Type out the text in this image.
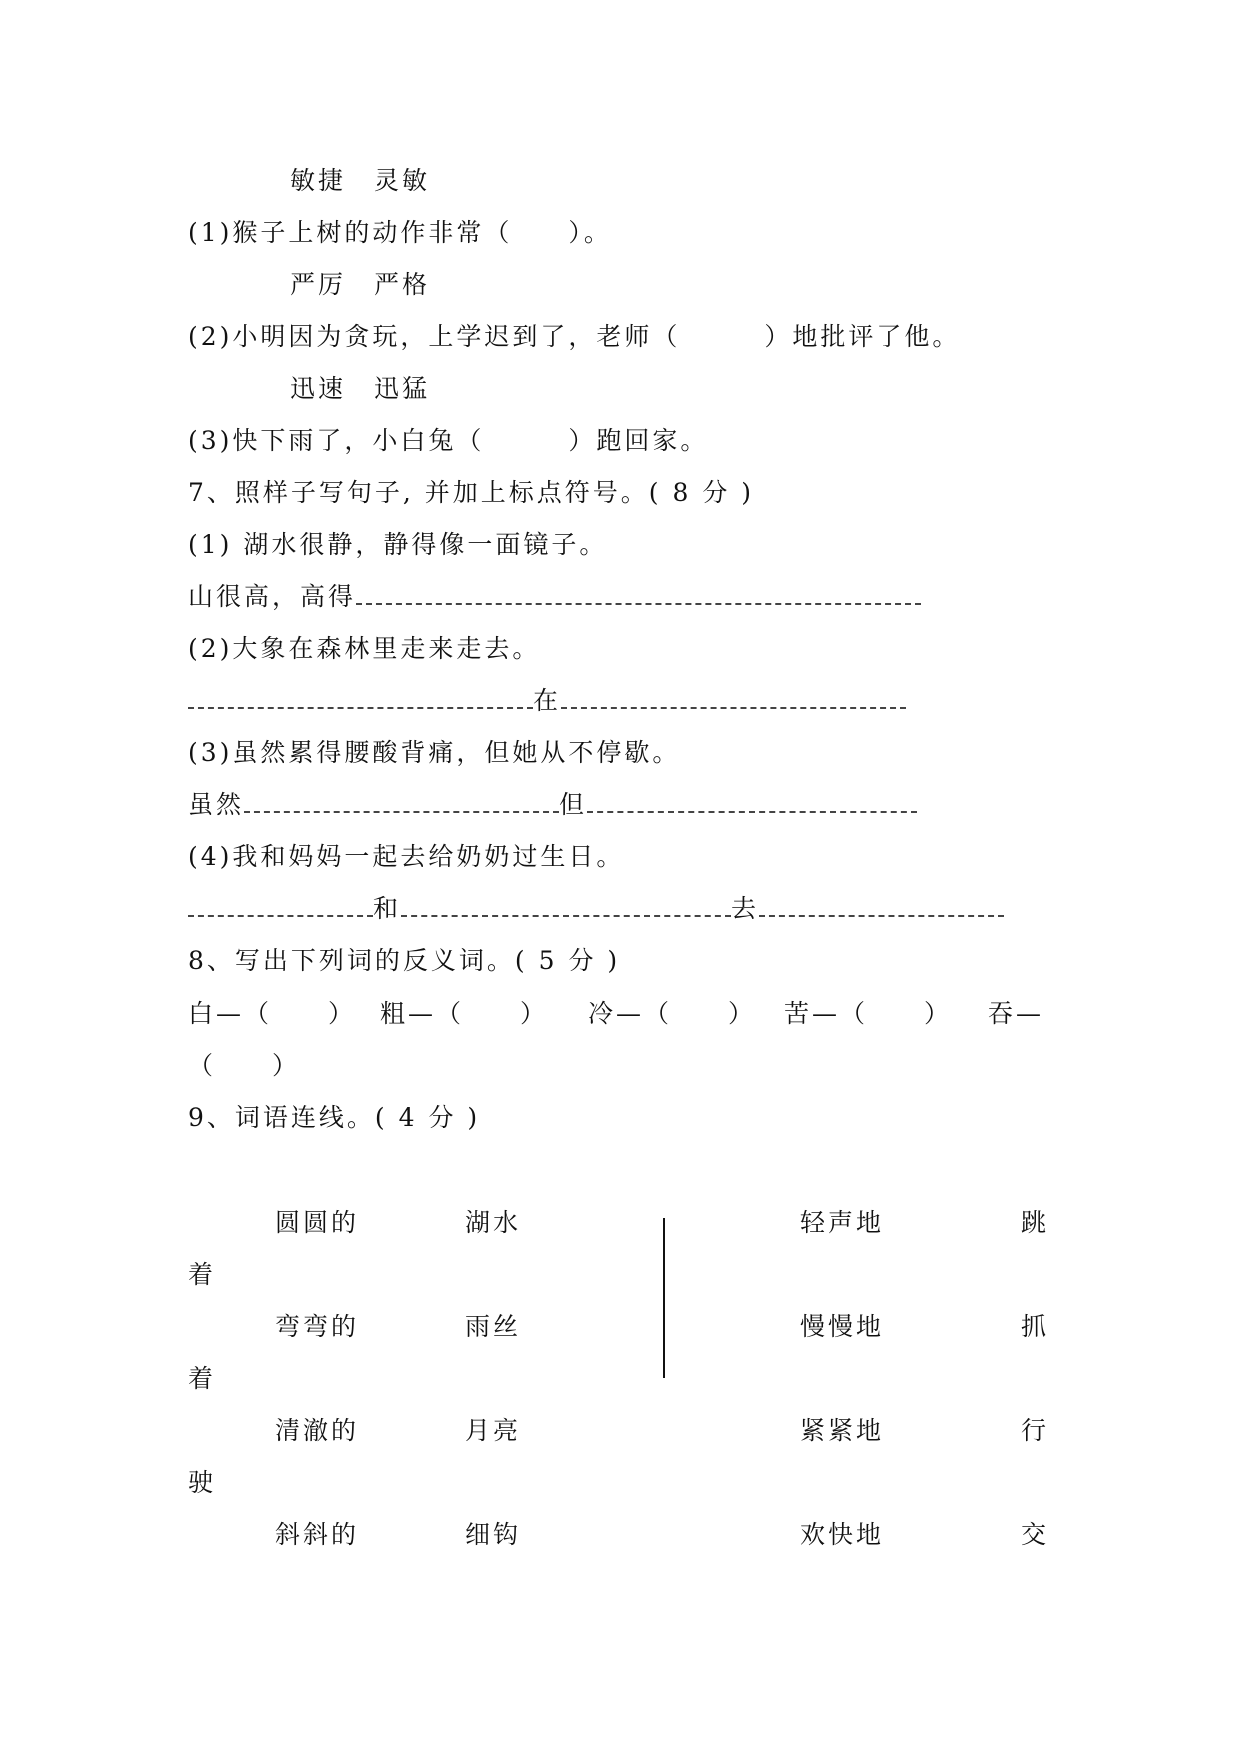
敏捷　灵敏
(1)猴子上树的动作非常（　　）。
严厉　严格
(2)小明因为贪玩，上学迟到了，老师（　　　）地批评了他。
迅速　迅猛
(3)快下雨了，小白兔（　　　）跑回家。
7、照样子写句子, 并加上标点符号。( 8 分 )
(1) 湖水很静，静得像一面镜子。
山很高，高得
(2)大象在森林里走来走去。
在
(3)虽然累得腰酸背痛，但她从不停歇。
虽然	但
(4)我和妈妈一起去给奶奶过生日。
和	去
8、写出下列词的反义词。( 5 分 )
白—（　　） 粗—（　　） 冷—（　　） 苦—（　　） 吞—
（　　）
9、词语连线。( 4 分 )
圆圆的	湖水	轻声地	跳
着
弯弯的	雨丝	慢慢地	抓
着
清澈的	月亮	紧紧地	行
驶
斜斜的	细钩	欢快地	交
